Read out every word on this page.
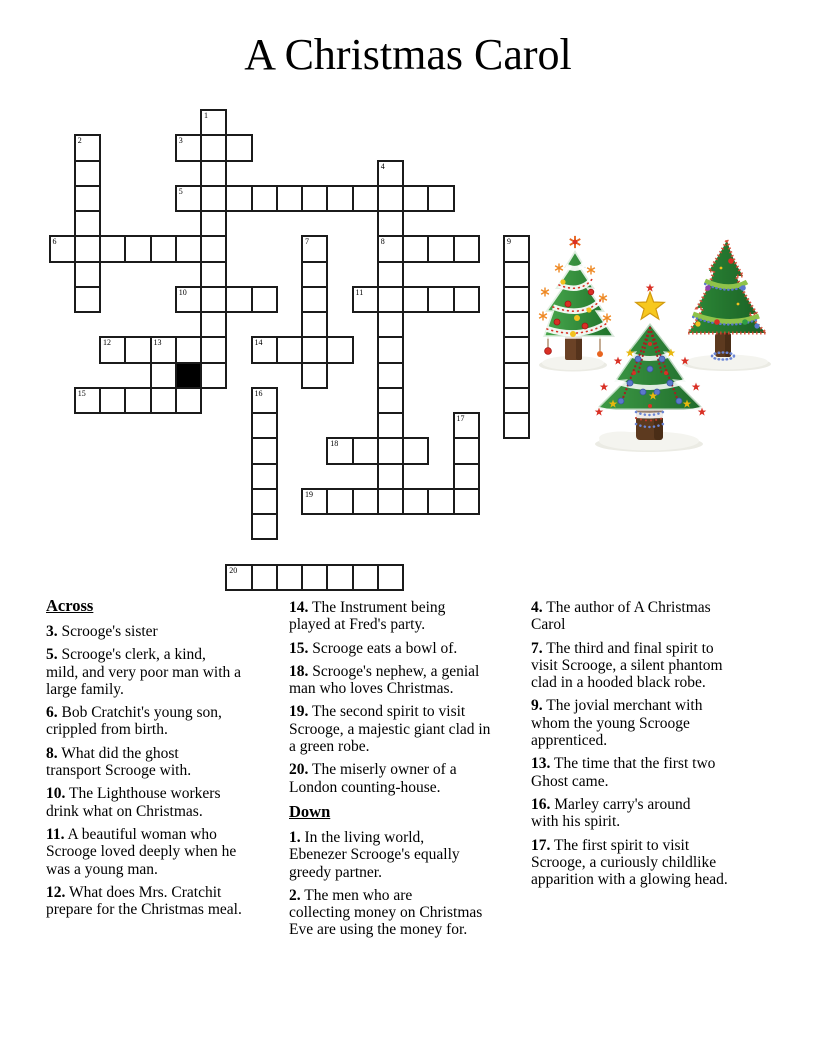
A Christmas Carol
3
5
6	8
10	11
12	13	14
15
18
19
20
1
2
4
7	9
16
17
Across

3. Scrooge's sister

5. Scrooge's clerk, a kind,
mild, and very poor man with a
large family.

6. Bob Cratchit's young son,
crippled from birth.

8. What did the ghost
transport Scrooge with.

10. The Lighthouse workers
drink what on Christmas.

11. A beautiful woman who
Scrooge loved deeply when he
was a young man.

12. What does Mrs. Cratchit
prepare for the Christmas meal.

14. The Instrument being
played at Fred's party.

15. Scrooge eats a bowl of.

18. Scrooge's nephew, a genial
man who loves Christmas.

19. The second spirit to visit
Scrooge, a majestic giant clad in
a green robe.

20. The miserly owner of a
London counting-house.

Down

1. In the living world,
Ebenezer Scrooge's equally
greedy partner.

2. The men who are
collecting money on Christmas
Eve are using the money for.

4. The author of A Christmas
Carol

7. The third and final spirit to
visit Scrooge, a silent phantom
clad in a hooded black robe.

9. The jovial merchant with
whom the young Scrooge
apprenticed.

13. The time that the first two
Ghost came.

16. Marley carry's around
with his spirit.

17. The first spirit to visit
Scrooge, a curiously childlike
apparition with a glowing head.
